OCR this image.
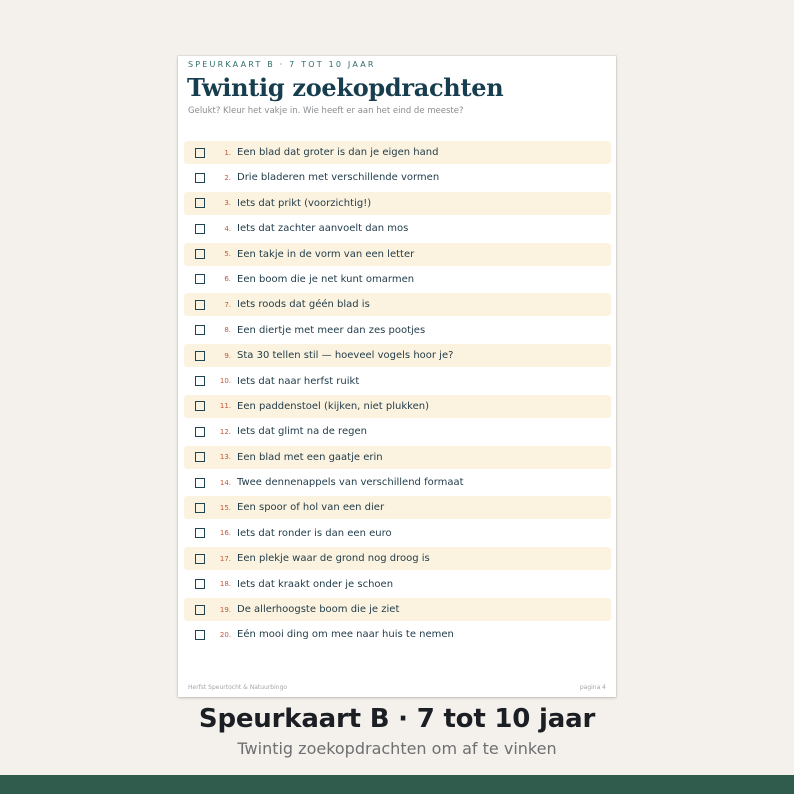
SPEURKAART B · 7 TOT 10 JAAR
Twintig zoekopdrachten
Gelukt? Kleur het vakje in. Wie heeft er aan het eind de meeste?
1. Een blad dat groter is dan je eigen hand
2. Drie bladeren met verschillende vormen
3. Iets dat prikt (voorzichtig!)
4. Iets dat zachter aanvoelt dan mos
5. Een takje in de vorm van een letter
6. Een boom die je net kunt omarmen
7. Iets roods dat géén blad is
8. Een diertje met meer dan zes pootjes
9. Sta 30 tellen stil — hoeveel vogels hoor je?
10. Iets dat naar herfst ruikt
11. Een paddenstoel (kijken, niet plukken)
12. Iets dat glimt na de regen
13. Een blad met een gaatje erin
14. Twee dennenappels van verschillend formaat
15. Een spoor of hol van een dier
16. Iets dat ronder is dan een euro
17. Een plekje waar de grond nog droog is
18. Iets dat kraakt onder je schoen
19. De allerhoogste boom die je ziet
20. Eén mooi ding om mee naar huis te nemen
Herfst Speurtocht & Natuurbingo	pagina 4
Speurkaart B · 7 tot 10 jaar
Twintig zoekopdrachten om af te vinken
